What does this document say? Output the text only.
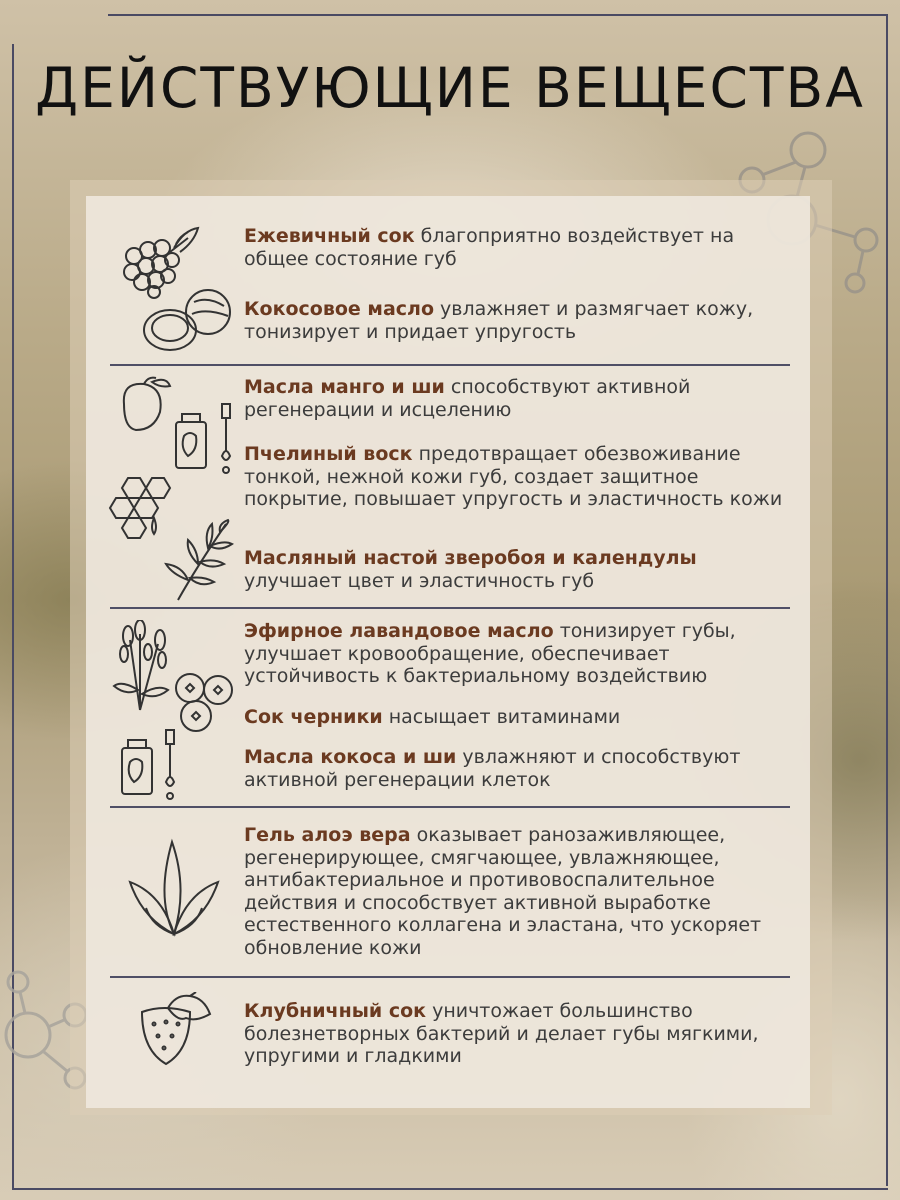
ДЕЙСТВУЮЩИЕ ВЕЩЕСТВА
Ежевичный сок благоприятно воздействует на общее состояние губ
Кокосовое масло увлажняет и размягчает кожу, тонизирует и придает упругость
Масла манго и ши способствуют активной регенерации и исцелению
Пчелиный воск предотвращает обезвоживание тонкой, нежной кожи губ, создает защитное покрытие, повышает упругость и эластичность кожи
Масляный настой зверобоя и календулы улучшает цвет и эластичность губ
Эфирное лавандовое масло тонизирует губы, улучшает кровообращение, обеспечивает устойчивость к бактериальному воздействию
Сок черники насыщает витаминами
Масла кокоса и ши увлажняют и способствуют активной регенерации клеток
Гель алоэ вера оказывает ранозаживляющее, регенерирующее, смягчающее, увлажняющее, антибактериальное и противовоспалительное действия и способствует активной выработке естественного коллагена и эластана, что ускоряет обновление кожи
Клубничный сок уничтожает большинство болезнетворных бактерий и делает губы мягкими, упругими и гладкими
